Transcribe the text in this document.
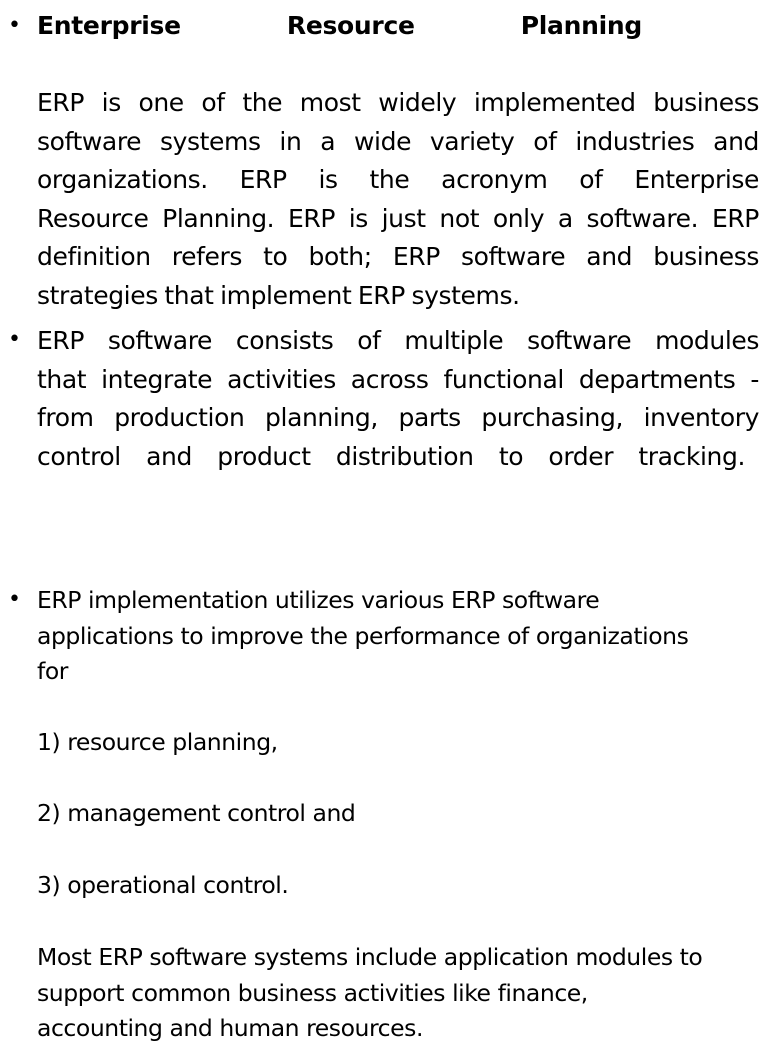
• Enterprise	Resource	Planning
ERP is one of the most widely implemented business
software systems in a wide variety of industries and
organizations. ERP is the acronym of Enterprise
Resource Planning. ERP is just not only a software. ERP
definition refers to both; ERP software and business
strategies that implement ERP systems.
• ERP software consists of multiple software modules
that integrate activities across functional departments -
from production planning, parts purchasing, inventory
control and product distribution to order tracking.
• ERP implementation utilizes various ERP software
applications to improve the performance of organizations
for
1) resource planning,
2) management control and
3) operational control.
Most ERP software systems include application modules to
support common business activities like finance,
accounting and human resources.
